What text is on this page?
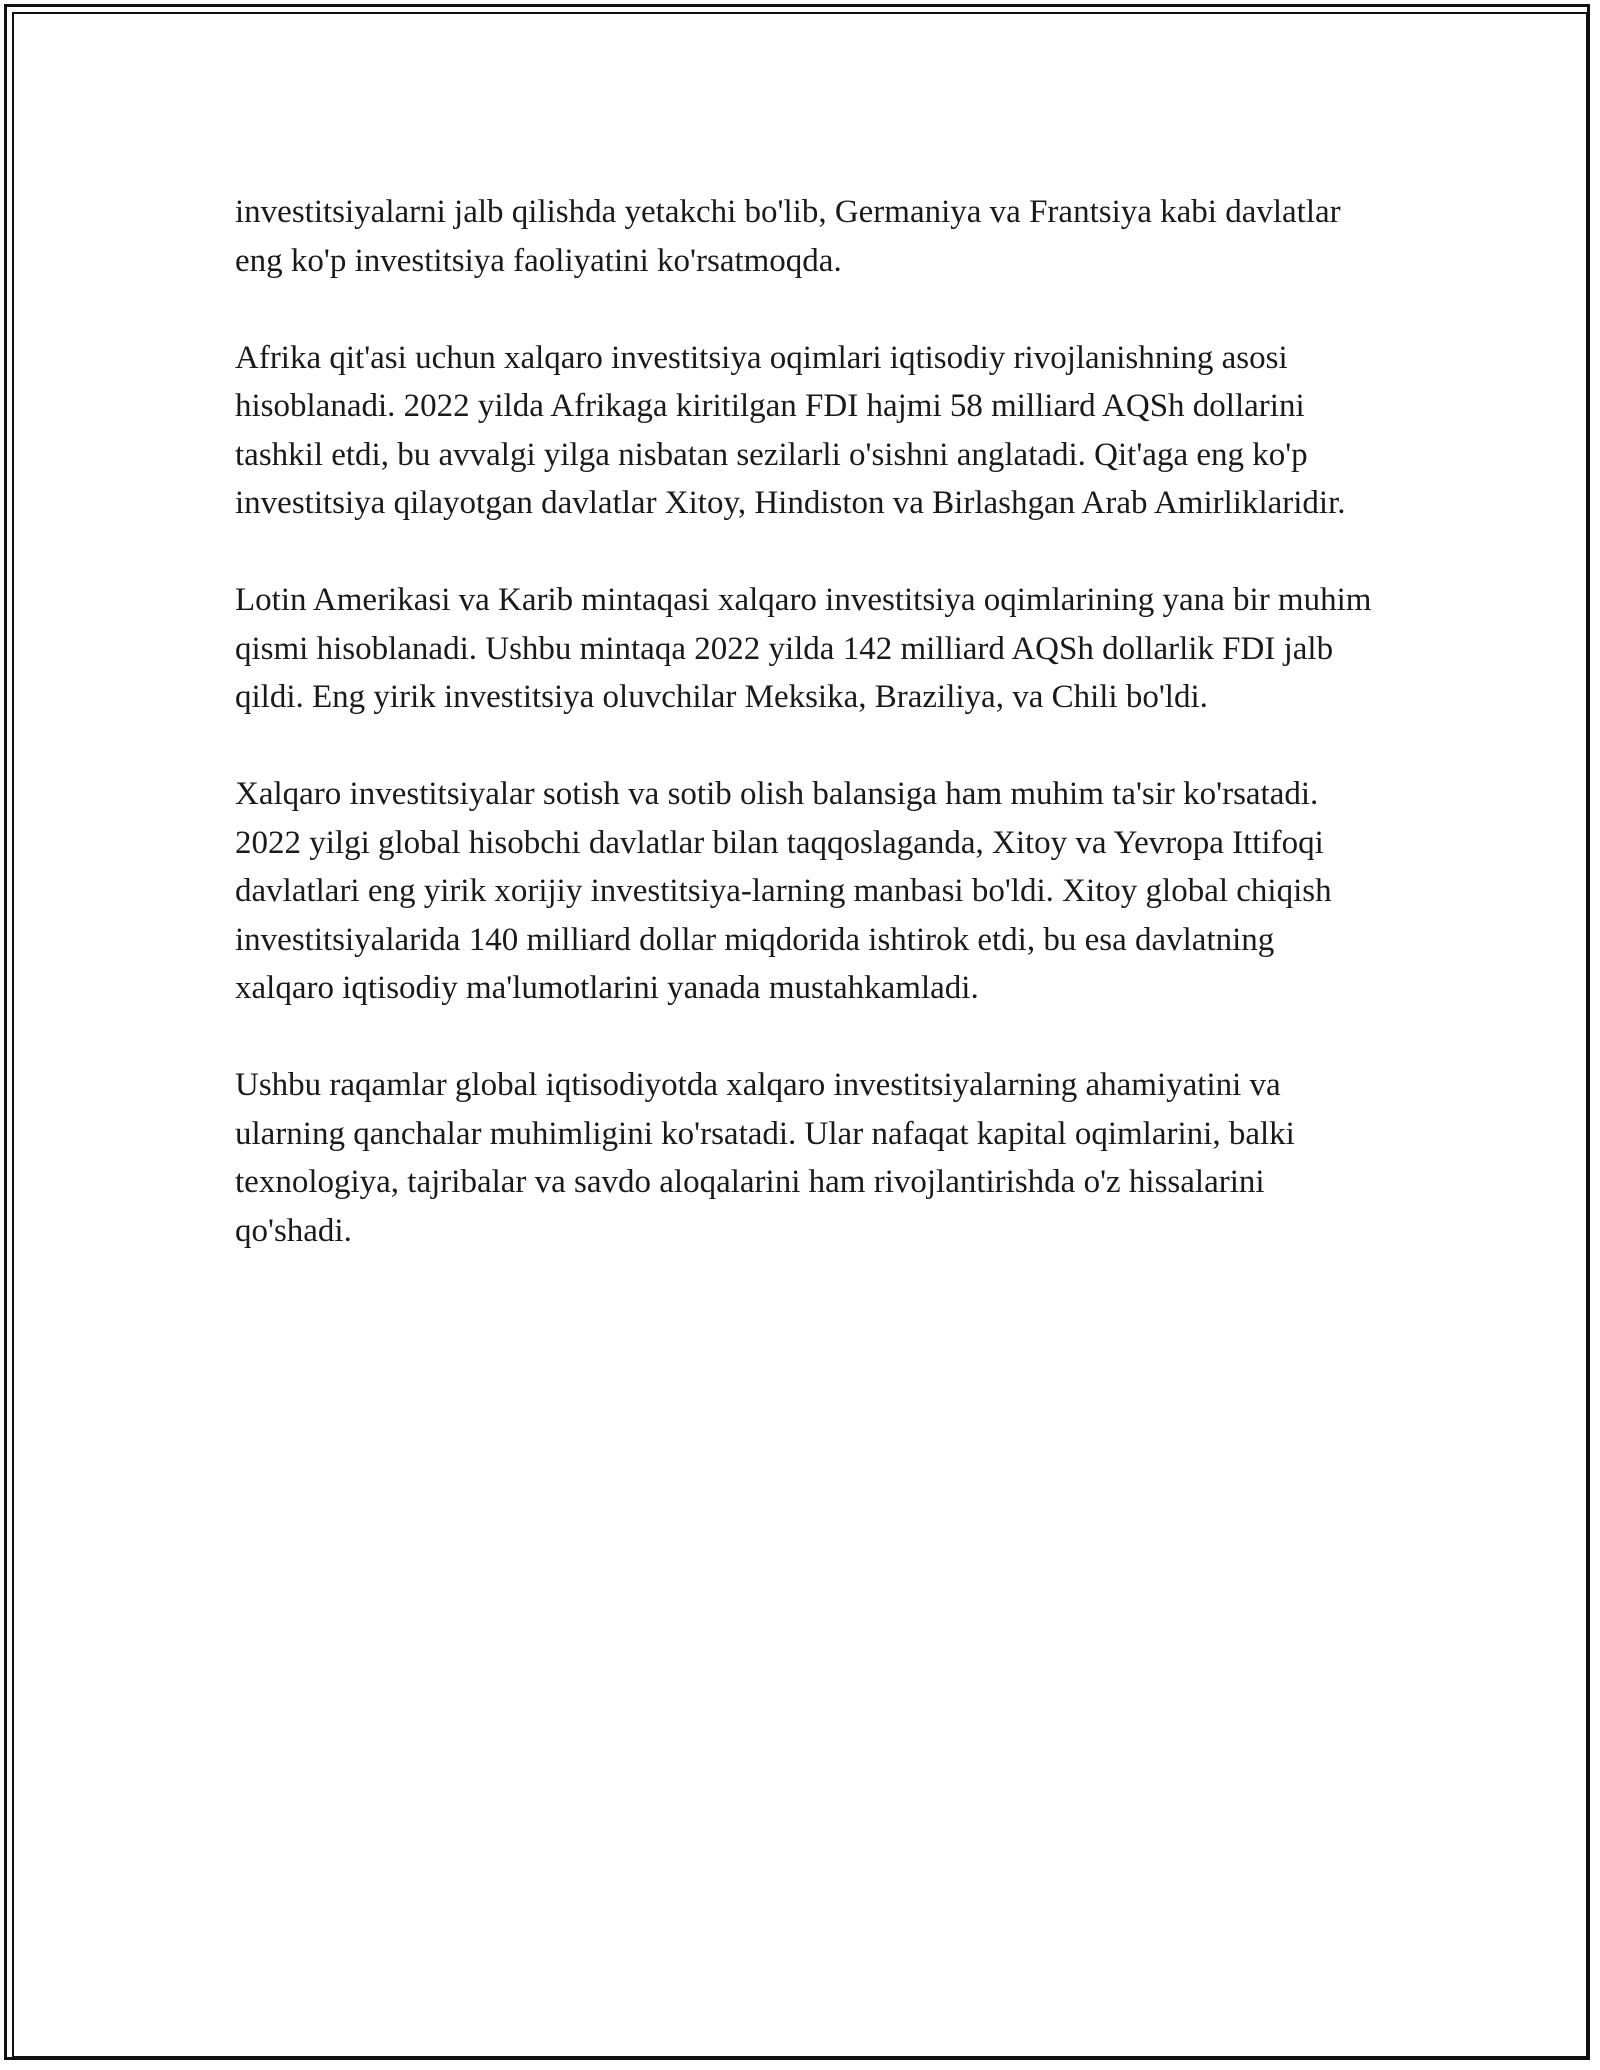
investitsiyalarni jalb qilishda yetakchi bo'lib, Germaniya va Frantsiya kabi davlatlar eng ko'p investitsiya faoliyatini ko'rsatmoqda.

Afrika qit'asi uchun xalqaro investitsiya oqimlari iqtisodiy rivojlanishning asosi hisoblanadi. 2022 yilda Afrikaga kiritilgan FDI hajmi 58 milliard AQSh dollarini tashkil etdi, bu avvalgi yilga nisbatan sezilarli o'sishni anglatadi. Qit'aga eng ko'p investitsiya qilayotgan davlatlar Xitoy, Hindiston va Birlashgan Arab Amirliklaridir.

Lotin Amerikasi va Karib mintaqasi xalqaro investitsiya oqimlarining yana bir muhim qismi hisoblanadi. Ushbu mintaqa 2022 yilda 142 milliard AQSh dollarlik FDI jalb qildi. Eng yirik investitsiya oluvchilar Meksika, Braziliya, va Chili bo'ldi.

Xalqaro investitsiyalar sotish va sotib olish balansiga ham muhim ta'sir ko'rsatadi. 2022 yilgi global hisobchi davlatlar bilan taqqoslaganda, Xitoy va Yevropa Ittifoqi davlatlari eng yirik xorijiy investitsiya-larning manbasi bo'ldi. Xitoy global chiqish investitsiyalarida 140 milliard dollar miqdorida ishtirok etdi, bu esa davlatning xalqaro iqtisodiy ma'lumotlarini yanada mustahkamladi.

Ushbu raqamlar global iqtisodiyotda xalqaro investitsiyalarning ahamiyatini va ularning qanchalar muhimligini ko'rsatadi. Ular nafaqat kapital oqimlarini, balki texnologiya, tajribalar va savdo aloqalarini ham rivojlantirishda o'z hissalarini qo'shadi.
